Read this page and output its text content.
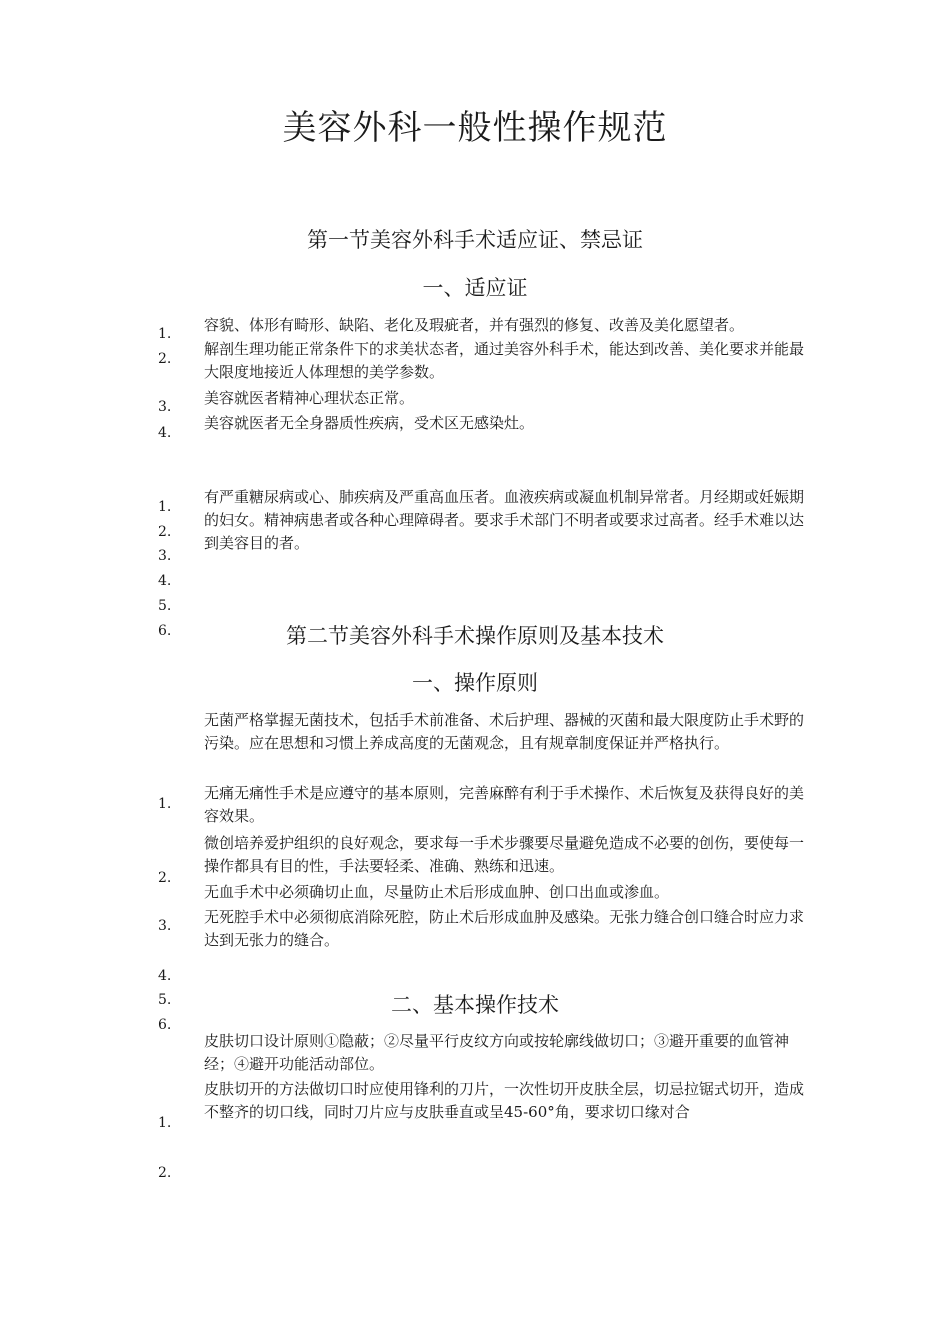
美容外科一般性操作规范
第一节美容外科手术适应证、禁忌证
一、适应证
1.
2.
3.
4.
容貌、体形有畸形、缺陷、老化及瑕疵者，并有强烈的修复、改善及美化愿望者。
解剖生理功能正常条件下的求美状态者，通过美容外科手术，能达到改善、美化要求并能最大限度地接近人体理想的美学参数。
美容就医者精神心理状态正常。
美容就医者无全身器质性疾病，受术区无感染灶。
1.
2.
3.
4.
5.
6.
有严重糖尿病或心、肺疾病及严重高血压者。血液疾病或凝血机制异常者。月经期或妊娠期的妇女。精神病患者或各种心理障碍者。要求手术部门不明者或要求过高者。经手术难以达到美容目的者。
第二节美容外科手术操作原则及基本技术
一、操作原则
无菌严格掌握无菌技术，包括手术前准备、术后护理、器械的灭菌和最大限度防止手术野的污染。应在思想和习惯上养成高度的无菌观念，且有规章制度保证并严格执行。
无痛无痛性手术是应遵守的基本原则，完善麻醉有利于手术操作、术后恢复及获得良好的美容效果。
微创培养爱护组织的良好观念，要求每一手术步骤要尽量避免造成不必要的创伤，要使每一操作都具有目的性，手法要轻柔、准确、熟练和迅速。
无血手术中必须确切止血，尽量防止术后形成血肿、创口出血或渗血。
无死腔手术中必须彻底消除死腔，防止术后形成血肿及感染。无张力缝合创口缝合时应力求达到无张力的缝合。
1.
2.
3.
4.
5.
6.
二、基本操作技术
皮肤切口设计原则①隐蔽；②尽量平行皮纹方向或按轮廓线做切口；③避开重要的血管神经；④避开功能活动部位。
皮肤切开的方法做切口时应使用锋利的刀片，一次性切开皮肤全层，切忌拉锯式切开，造成不整齐的切口线，同时刀片应与皮肤垂直或呈45-60°角，要求切口缘对合
1.
2.
